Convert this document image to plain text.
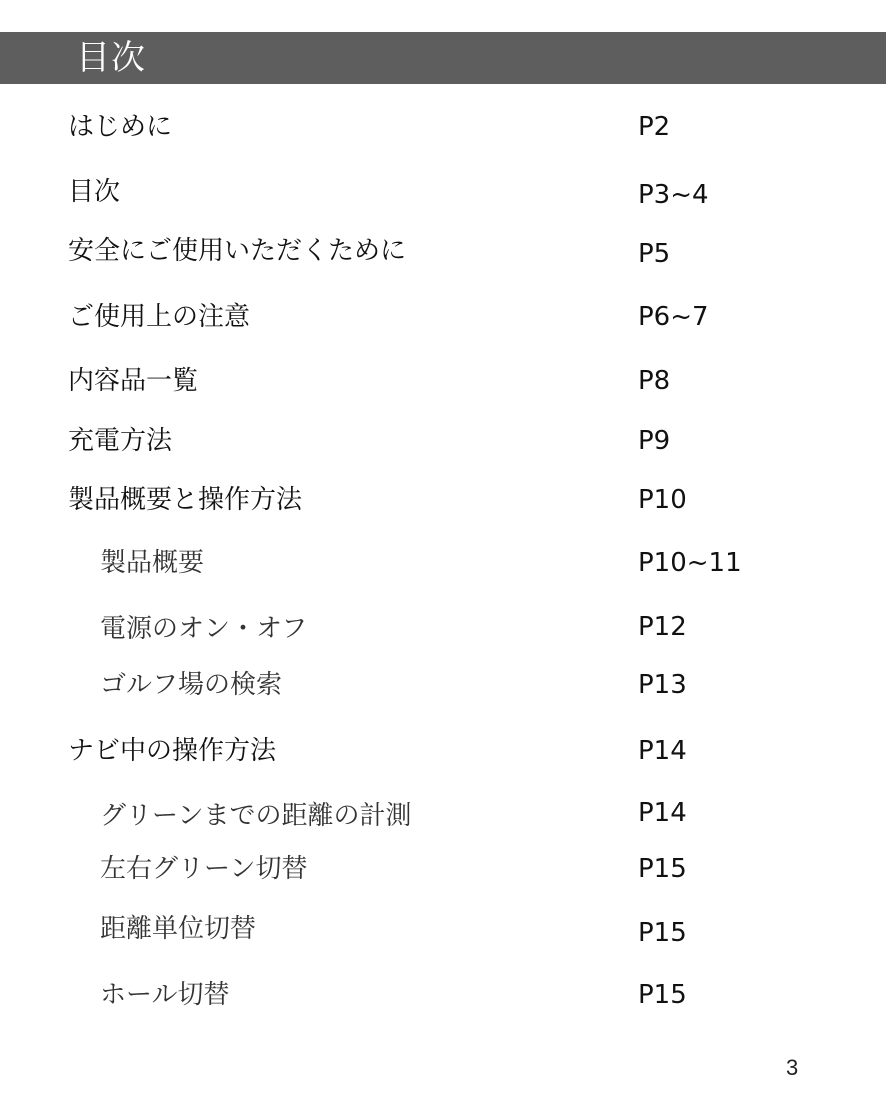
目次
はじめに	P2
目次	P3~4
安全にご使用いただくために	P5
ご使用上の注意	P6~7
内容品一覧	P8
充電方法	P9
製品概要と操作方法	P10
製品概要	P10~11
電源のオン・オフ	P12
ゴルフ場の検索	P13
ナビ中の操作方法	P14
グリーンまでの距離の計測	P14
左右グリーン切替	P15
距離単位切替	P15
ホール切替	P15
3
